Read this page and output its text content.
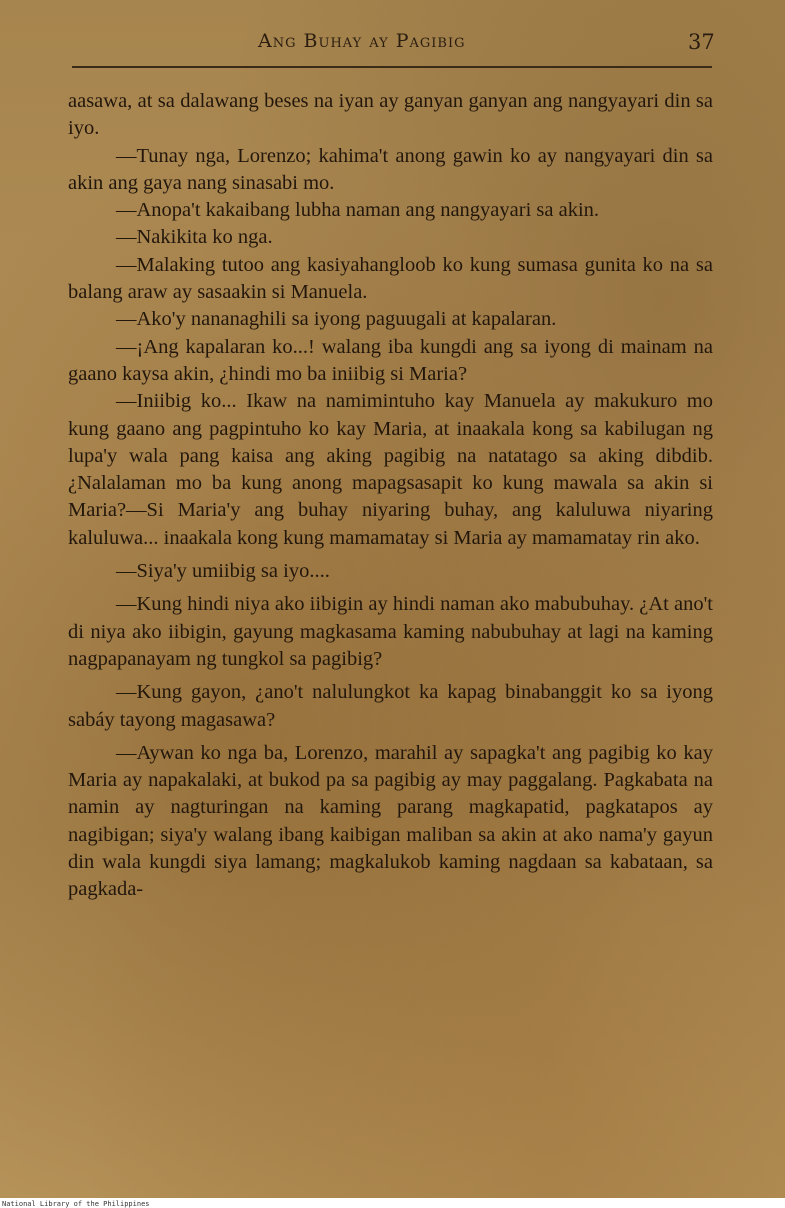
Ang Buhay ay Pagibig	37

aasawa, at sa dalawang beses na iyan ay ganyan ganyan ang nangyayari din sa iyo.

—Tunay nga, Lorenzo; kahima't anong gawin ko ay nangyayari din sa akin ang gaya nang sinasabi mo.

—Anopa't kakaibang lubha naman ang nangyayari sa akin.

—Nakikita ko nga.

—Malaking tutoo ang kasiyahangloob ko kung sumasa gunita ko na sa balang araw ay sasaakin si Manuela.

—Ako'y nananaghili sa iyong paguugali at kapalaran.

—¡Ang kapalaran ko...! walang iba kungdi ang sa iyong di mainam na gaano kaysa akin, ¿hindi mo ba iniibig si Maria?

—Iniibig ko... Ikaw na namimintuho kay Manuela ay makukuro mo kung gaano ang pagpintuho ko kay Maria, at inaakala kong sa kabilugan ng lupa'y wala pang kaisa ang aking pagibig na natatago sa aking dibdib. ¿Nalalaman mo ba kung anong mapagsasapit ko kung mawala sa akin si Maria?—Si Maria'y ang buhay niyaring buhay, ang kaluluwa niyaring kaluluwa... inaakala kong kung mamamatay si Maria ay mamamatay rin ako.

—Siya'y umiibig sa iyo....

—Kung hindi niya ako iibigin ay hindi naman ako mabubuhay. ¿At ano't di niya ako iibigin, gayung magkasama kaming nabubuhay at lagi na kaming nagpapanayam ng tungkol sa pagibig?

—Kung gayon, ¿ano't nalulungkot ka kapag binabanggit ko sa iyong sabáy tayong magasawa?

—Aywan ko nga ba, Lorenzo, marahil ay sapagka't ang pagibig ko kay Maria ay napakalaki, at bukod pa sa pagibig ay may paggalang. Pagkabata na namin ay nagturingan na kaming parang magkapatid, pagkatapos ay nagibigan; siya'y walang ibang kaibigan maliban sa akin at ako nama'y gayun din wala kungdi siya lamang; magkalukob kaming nagdaan sa kabataan, sa pagkada-

National Library of the Philippines
